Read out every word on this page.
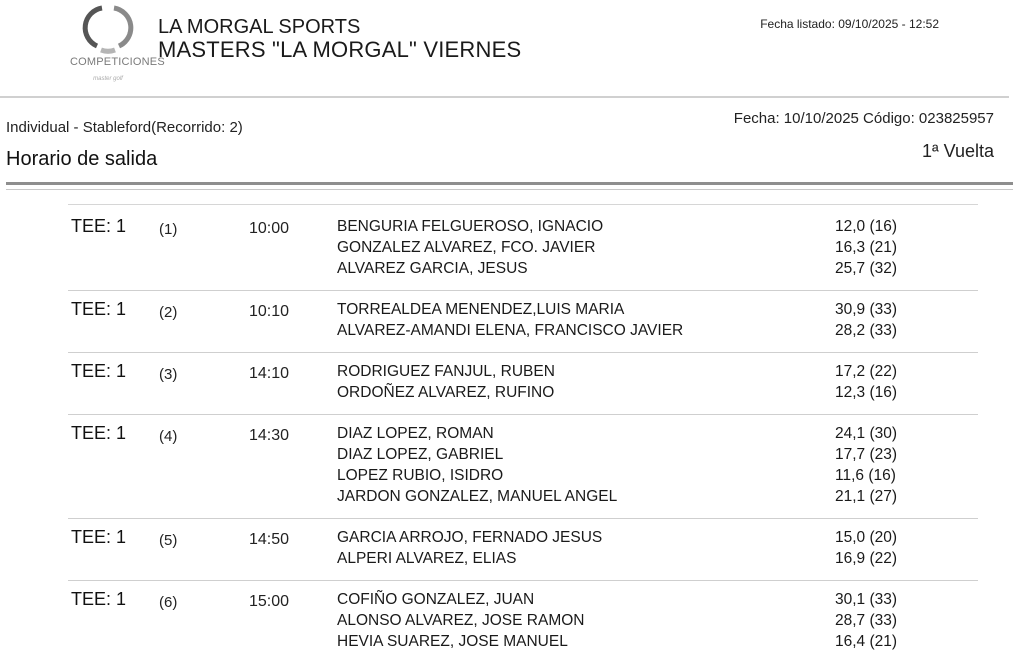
COMPETICIONES
master golf
LA MORGAL SPORTS
MASTERS "LA MORGAL" VIERNES
Fecha listado: 09/10/2025 - 12:52
Individual - Stableford(Recorrido: 2)
Fecha: 10/10/2025 Código: 023825957
Horario de salida	1ª Vuelta
TEE: 1 (1)	10:00	BENGURIA FELGUEROSO, IGNACIO	12,0 (16)
GONZALEZ ALVAREZ, FCO. JAVIER	16,3 (21)
ALVAREZ GARCIA, JESUS	25,7 (32)
TEE: 1 (2)	10:10	TORREALDEA MENENDEZ,LUIS MARIA	30,9 (33)
ALVAREZ-AMANDI ELENA, FRANCISCO JAVIER	28,2 (33)
TEE: 1 (3)	14:10	RODRIGUEZ FANJUL, RUBEN	17,2 (22)
ORDOÑEZ ALVAREZ, RUFINO	12,3 (16)
TEE: 1 (4)	14:30	DIAZ LOPEZ, ROMAN	24,1 (30)
DIAZ LOPEZ, GABRIEL	17,7 (23)
LOPEZ RUBIO, ISIDRO	11,6 (16)
JARDON GONZALEZ, MANUEL ANGEL	21,1 (27)
TEE: 1 (5)	14:50	GARCIA ARROJO, FERNADO JESUS	15,0 (20)
ALPERI ALVAREZ, ELIAS	16,9 (22)
TEE: 1 (6)	15:00	COFIÑO GONZALEZ, JUAN	30,1 (33)
ALONSO ALVAREZ, JOSE RAMON	28,7 (33)
HEVIA SUAREZ, JOSE MANUEL	16,4 (21)
